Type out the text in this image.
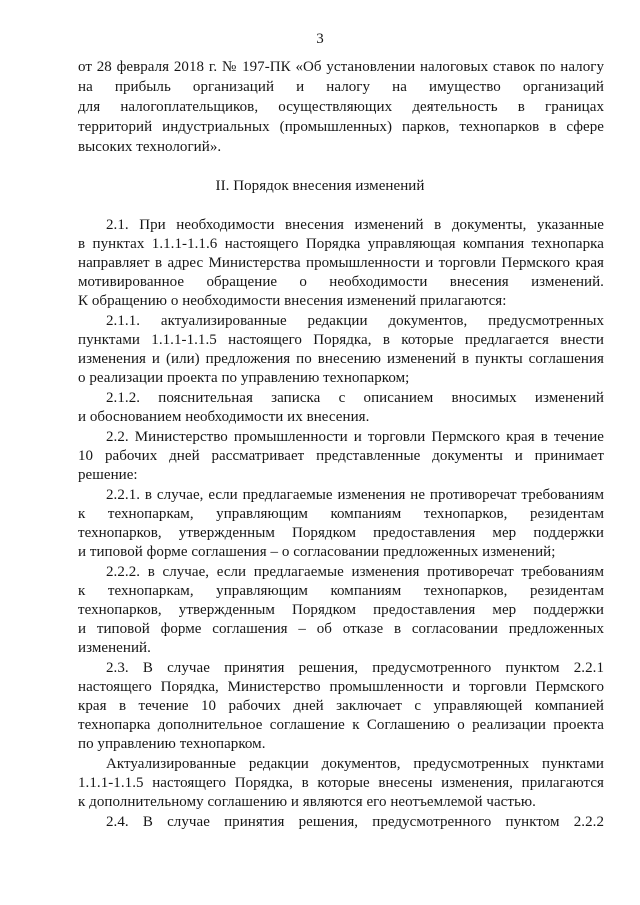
3
от 28 февраля 2018 г. № 197-ПК «Об установлении налоговых ставок по налогу
на прибыль организаций и налогу на имущество организаций
для налогоплательщиков, осуществляющих деятельность в границах
территорий индустриальных (промышленных) парков, технопарков в сфере
высоких технологий».
II. Порядок внесения изменений
2.1. При необходимости внесения изменений в документы, указанные
в пунктах 1.1.1-1.1.6 настоящего Порядка управляющая компания технопарка
направляет в адрес Министерства промышленности и торговли Пермского края
мотивированное обращение о необходимости внесения изменений.
К обращению о необходимости внесения изменений прилагаются:
2.1.1. актуализированные редакции документов, предусмотренных
пунктами 1.1.1-1.1.5 настоящего Порядка, в которые предлагается внести
изменения и (или) предложения по внесению изменений в пункты соглашения
о реализации проекта по управлению технопарком;
2.1.2. пояснительная записка с описанием вносимых изменений
и обоснованием необходимости их внесения.
2.2. Министерство промышленности и торговли Пермского края в течение
10 рабочих дней рассматривает представленные документы и принимает
решение:
2.2.1. в случае, если предлагаемые изменения не противоречат требованиям
к технопаркам, управляющим компаниям технопарков, резидентам
технопарков, утвержденным Порядком предоставления мер поддержки
и типовой форме соглашения – о согласовании предложенных изменений;
2.2.2. в случае, если предлагаемые изменения противоречат требованиям
к технопаркам, управляющим компаниям технопарков, резидентам
технопарков, утвержденным Порядком предоставления мер поддержки
и типовой форме соглашения – об отказе в согласовании предложенных
изменений.
2.3. В случае принятия решения, предусмотренного пунктом 2.2.1
настоящего Порядка, Министерство промышленности и торговли Пермского
края в течение 10 рабочих дней заключает с управляющей компанией
технопарка дополнительное соглашение к Соглашению о реализации проекта
по управлению технопарком.
Актуализированные редакции документов, предусмотренных пунктами
1.1.1-1.1.5 настоящего Порядка, в которые внесены изменения, прилагаются
к дополнительному соглашению и являются его неотъемлемой частью.
2.4. В случае принятия решения, предусмотренного пунктом 2.2.2
